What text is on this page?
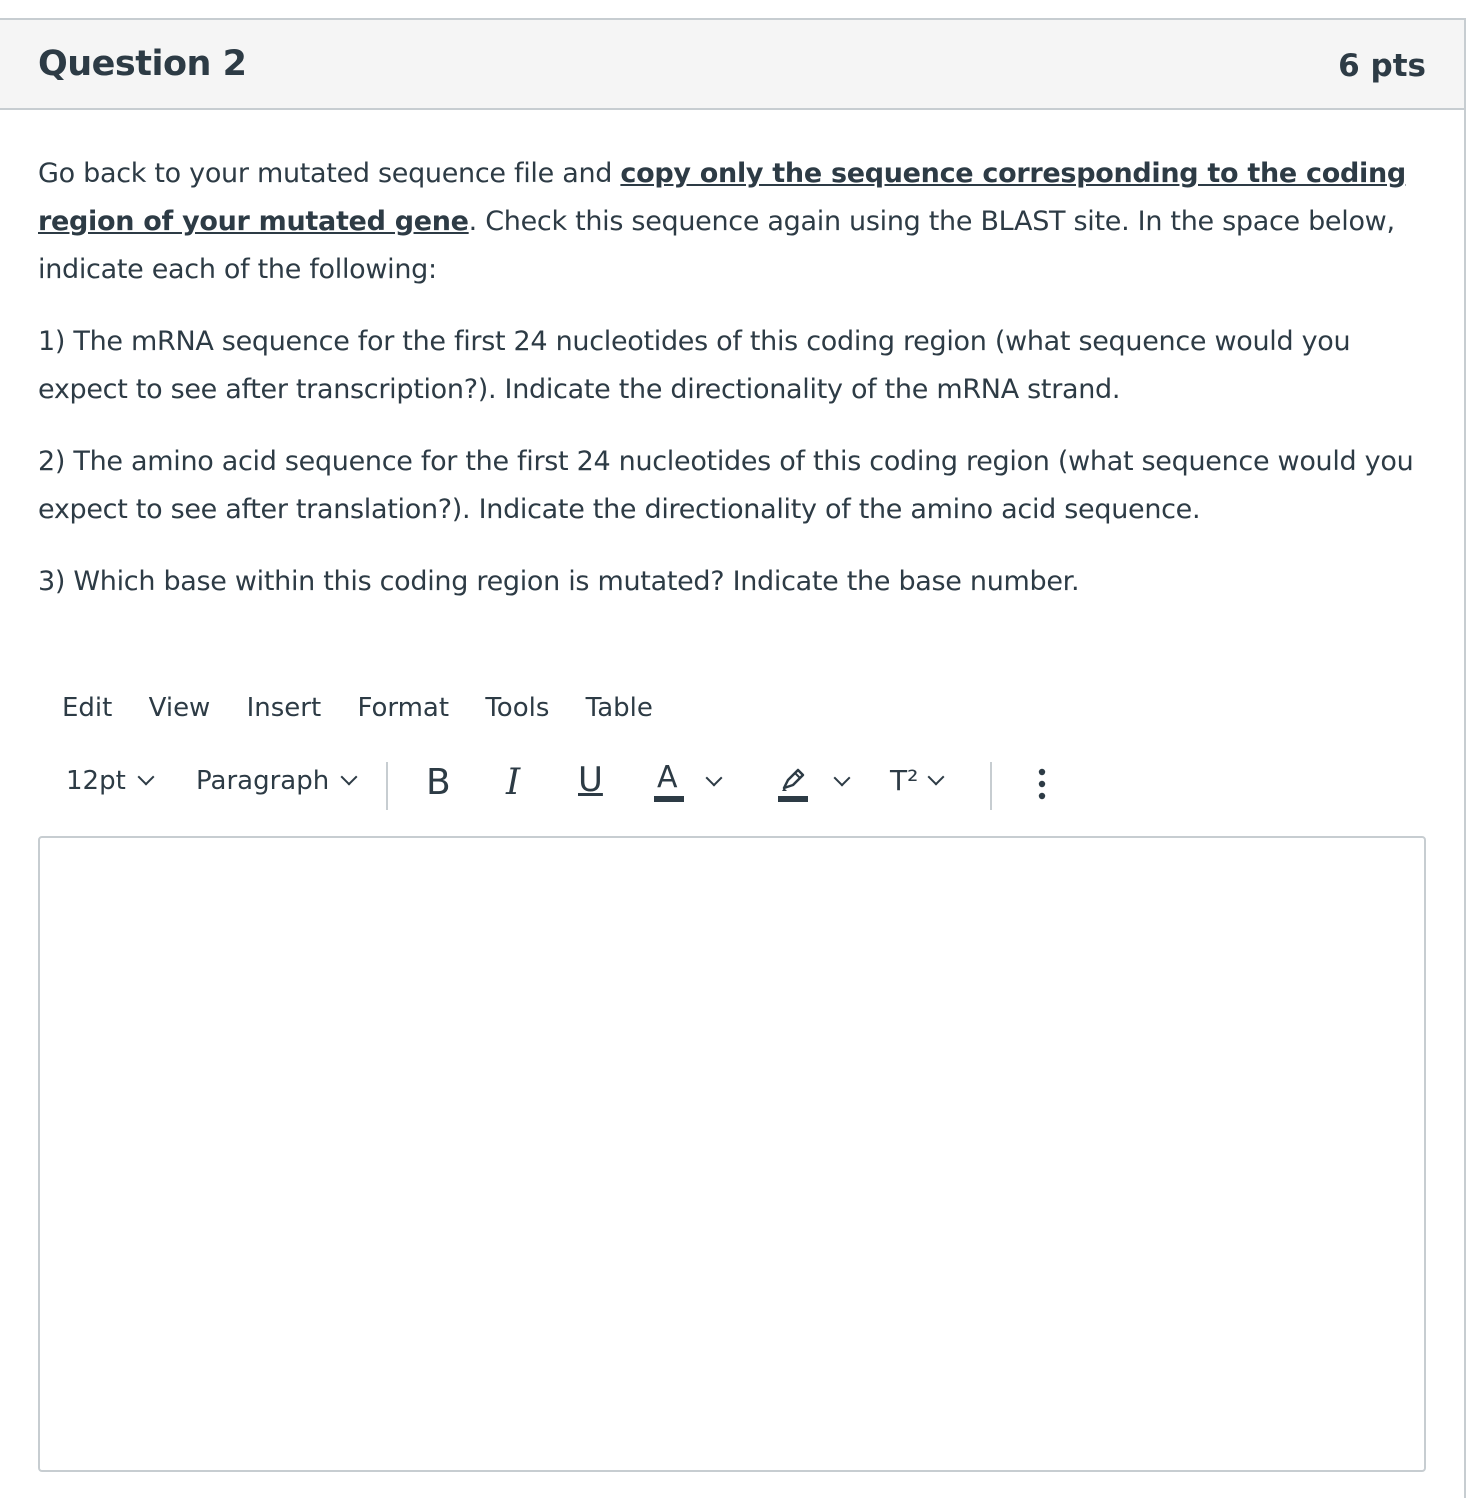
Question 2	6 pts

Go back to your mutated sequence file and copy only the sequence corresponding to the coding region of your mutated gene. Check this sequence again using the BLAST site. In the space below, indicate each of the following:

1) The mRNA sequence for the first 24 nucleotides of this coding region (what sequence would you expect to see after transcription?). Indicate the directionality of the mRNA strand.

2) The amino acid sequence for the first 24 nucleotides of this coding region (what sequence would you expect to see after translation?). Indicate the directionality of the amino acid sequence.

3) Which base within this coding region is mutated? Indicate the base number.

Edit View Insert Format Tools Table
12pt	Paragraph	B I U A	T²
